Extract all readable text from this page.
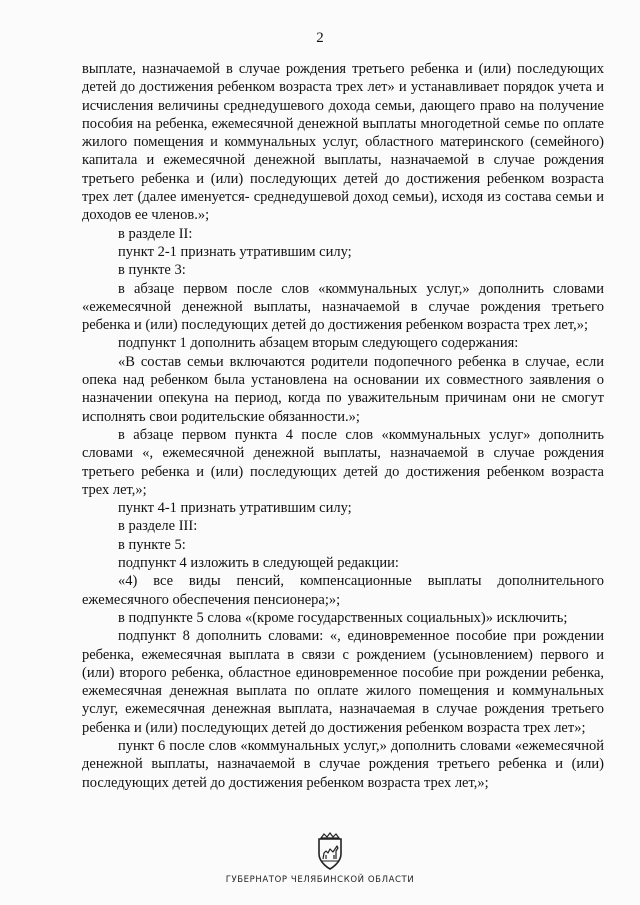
2

выплате, назначаемой в случае рождения третьего ребенка и (или) последующих детей до достижения ребенком возраста трех лет» и устанавливает порядок учета и исчисления величины среднедушевого дохода семьи, дающего право на получение пособия на ребенка, ежемесячной денежной выплаты многодетной семье по оплате жилого помещения и коммунальных услуг, областного материнского (семейного) капитала и ежемесячной денежной выплаты, назначаемой в случае рождения третьего ребенка и (или) последующих детей до достижения ребенком возраста трех лет (далее именуется- среднедушевой доход семьи), исходя из состава семьи и доходов ее членов.»;

в разделе II:

пункт 2-1 признать утратившим силу;

в пункте 3:

в абзаце первом после слов «коммунальных услуг,» дополнить словами «ежемесячной денежной выплаты, назначаемой в случае рождения третьего ребенка и (или) последующих детей до достижения ребенком возраста трех лет,»;

подпункт 1 дополнить абзацем вторым следующего содержания:

«В состав семьи включаются родители подопечного ребенка в случае, если опека над ребенком была установлена на основании их совместного заявления о назначении опекуна на период, когда по уважительным причинам они не смогут исполнять свои родительские обязанности.»;

в абзаце первом пункта 4 после слов «коммунальных услуг» дополнить словами «, ежемесячной денежной выплаты, назначаемой в случае рождения третьего ребенка и (или) последующих детей до достижения ребенком возраста трех лет,»;

пункт 4-1 признать утратившим силу;

в разделе III:

в пункте 5:

подпункт 4 изложить в следующей редакции:

«4) все виды пенсий, компенсационные выплаты дополнительного ежемесячного обеспечения пенсионера;»;

в подпункте 5 слова «(кроме государственных социальных)» исключить;

подпункт 8 дополнить словами: «, единовременное пособие при рождении ребенка, ежемесячная выплата в связи с рождением (усыновлением) первого и (или) второго ребенка, областное единовременное пособие при рождении ребенка, ежемесячная денежная выплата по оплате жилого помещения и коммунальных услуг, ежемесячная денежная выплата, назначаемая в случае рождения третьего ребенка и (или) последующих детей до достижения ребенком возраста трех лет»;

пункт 6 после слов «коммунальных услуг,» дополнить словами «ежемесячной денежной выплаты, назначаемой в случае рождения третьего ребенка и (или) последующих детей до достижения ребенком возраста трех лет,»;

ГУБЕРНАТОР ЧЕЛЯБИНСКОЙ ОБЛАСТИ
